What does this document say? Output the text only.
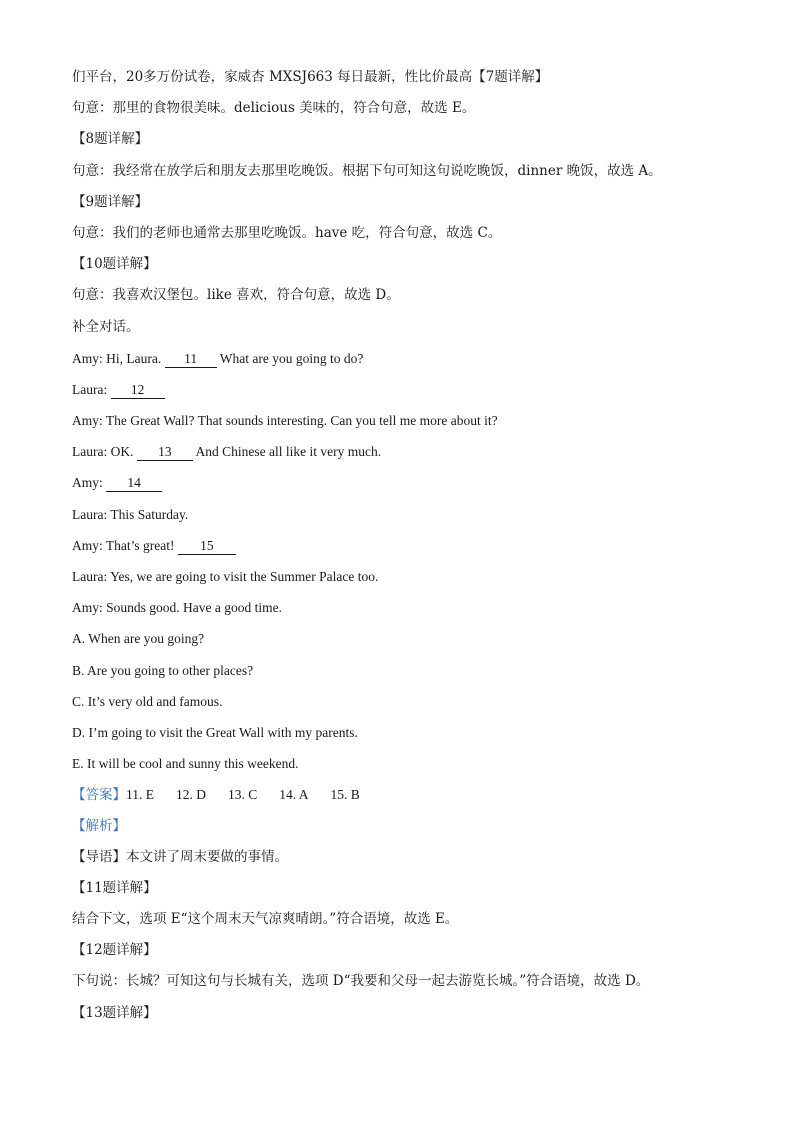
们平台，20多万份试卷，家威杏 MXSJ663 每日最新，性比价最高【7题详解】
句意：那里的食物很美味。delicious 美味的，符合句意，故选 E。
【8题详解】
句意：我经常在放学后和朋友去那里吃晚饭。根据下句可知这句说吃晚饭，dinner 晚饭，故选 A。
【9题详解】
句意：我们的老师也通常去那里吃晚饭。have 吃，符合句意，故选 C。
【10题详解】
句意：我喜欢汉堡包。like 喜欢，符合句意，故选 D。
补全对话。
Amy: Hi, Laura. 11 What are you going to do?
Laura: 12
Amy: The Great Wall? That sounds interesting. Can you tell me more about it?
Laura: OK. 13 And Chinese all like it very much.
Amy: 14
Laura: This Saturday.
Amy: That’s great! 15
Laura: Yes, we are going to visit the Summer Palace too.
Amy: Sounds good. Have a good time.
A. When are you going?
B. Are you going to other places?
C. It’s very old and famous.
D. I’m going to visit the Great Wall with my parents.
E. It will be cool and sunny this weekend.
【答案】11. E 12. D 13. C 14. A 15. B
【解析】
【导语】本文讲了周末要做的事情。
【11题详解】
结合下文，选项 E“这个周末天气凉爽晴朗。”符合语境，故选 E。
【12题详解】
下句说：长城？可知这句与长城有关，选项 D“我要和父母一起去游览长城。”符合语境，故选 D。
【13题详解】
